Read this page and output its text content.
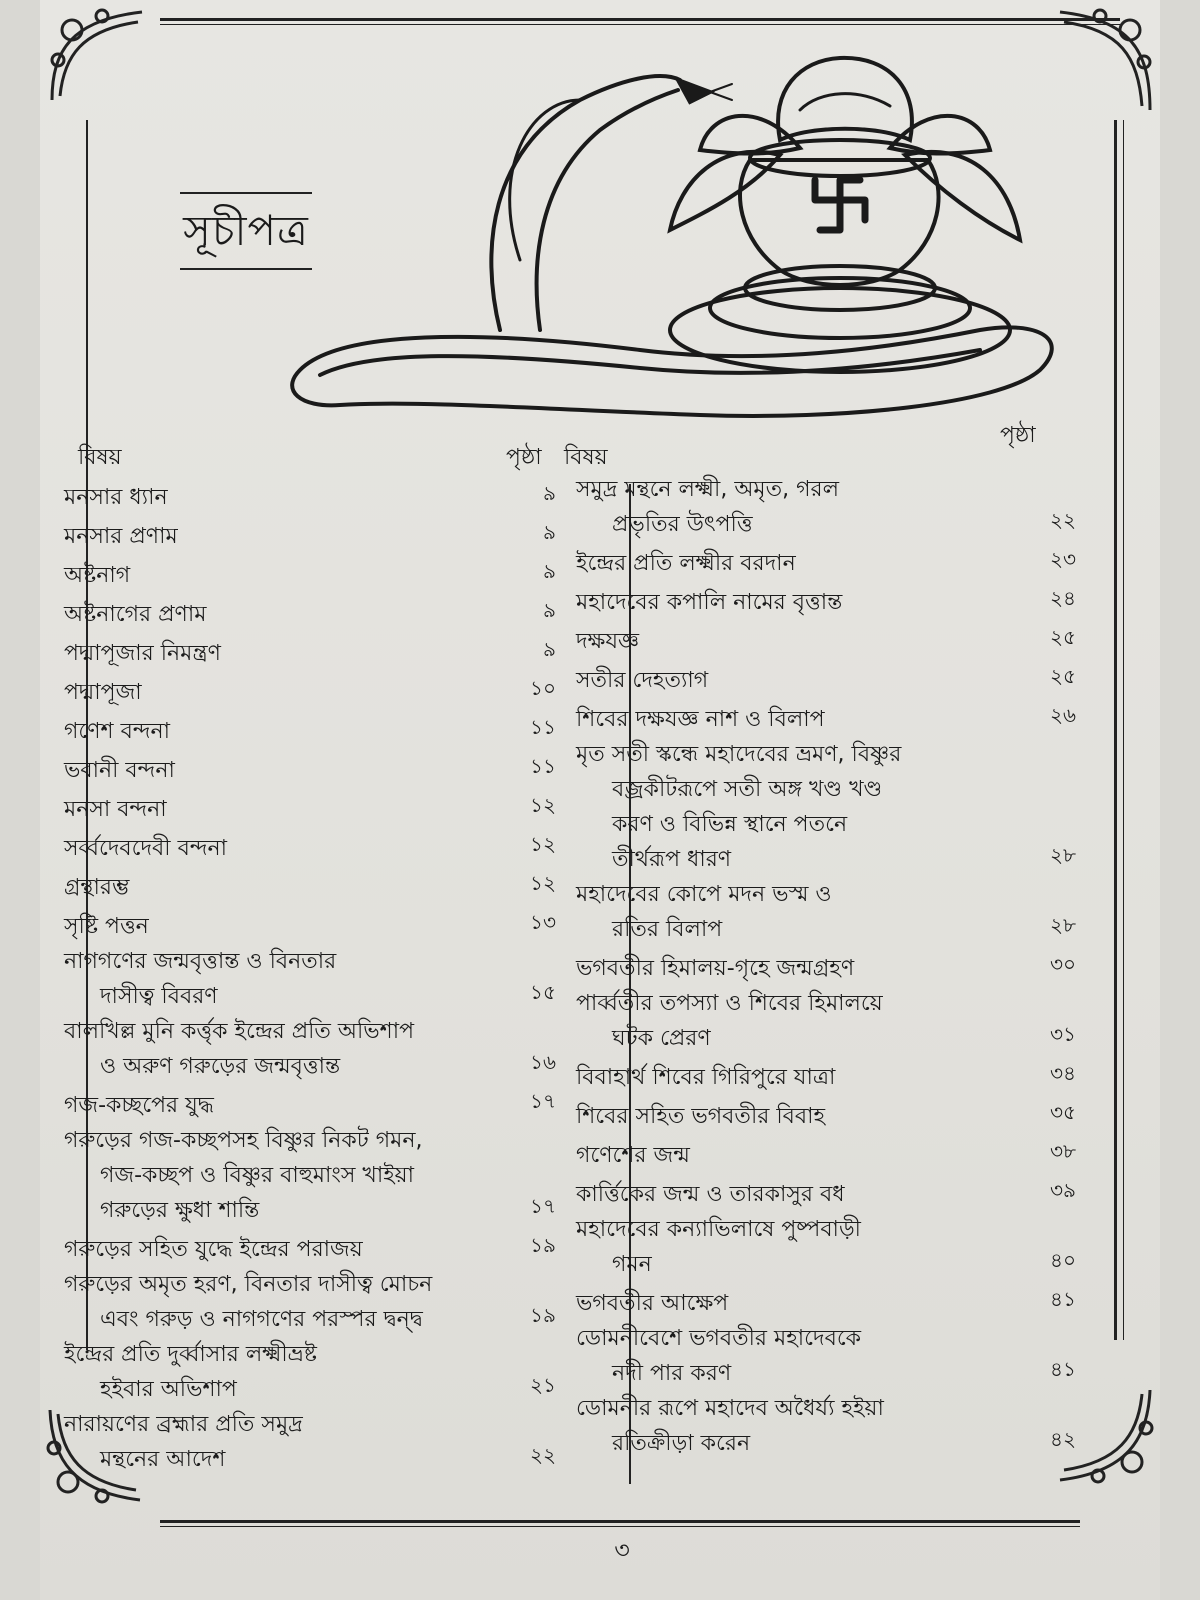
সূচীপত্র
বিষয়	পৃষ্ঠা বিষয়
পৃষ্ঠা
মনসার ধ্যান	৯
মনসার প্রণাম	৯
অষ্টনাগ	৯
অষ্টনাগের প্রণাম	৯
পদ্মাপূজার নিমন্ত্রণ	৯
পদ্মাপূজা	১০
গণেশ বন্দনা	১১
ভবানী বন্দনা	১১
মনসা বন্দনা	১২
সর্ব্বদেবদেবী বন্দনা	১২
গ্রন্থারম্ভ	১২
সৃষ্টি পত্তন	১৩
নাগগণের জন্মবৃত্তান্ত ও বিনতার
দাসীত্ব বিবরণ	১৫
বালখিল্ল মুনি কর্ত্তৃক ইন্দ্রের প্রতি অভিশাপ
ও অরুণ গরুড়ের জন্মবৃত্তান্ত	১৬
গজ-কচ্ছপের যুদ্ধ	১৭
গরুড়ের গজ-কচ্ছপসহ বিষ্ণুর নিকট গমন,
গজ-কচ্ছপ ও বিষ্ণুর বাহুমাংস খাইয়া
গরুড়ের ক্ষুধা শান্তি	১৭
গরুড়ের সহিত যুদ্ধে ইন্দ্রের পরাজয়	১৯
গরুড়ের অমৃত হরণ, বিনতার দাসীত্ব মোচন
এবং গরুড় ও নাগগণের পরস্পর দ্বন্দ্ব	১৯
ইন্দ্রের প্রতি দুর্ব্বাসার লক্ষ্মীভ্রষ্ট
হইবার অভিশাপ	২১
নারায়ণের ব্রহ্মার প্রতি সমুদ্র
মন্থনের আদেশ	২২
সমুদ্র মন্থনে লক্ষ্মী, অমৃত, গরল
প্রভৃতির উৎপত্তি	২২
ইন্দ্রের প্রতি লক্ষ্মীর বরদান	২৩
মহাদেবের কপালি নামের বৃত্তান্ত	২৪
দক্ষযজ্ঞ	২৫
সতীর দেহত্যাগ	২৫
শিবের দক্ষযজ্ঞ নাশ ও বিলাপ	২৬
মৃত সতী স্কন্ধে মহাদেবের ভ্রমণ, বিষ্ণুর
বজ্রকীটরূপে সতী অঙ্গ খণ্ড খণ্ড
করণ ও বিভিন্ন স্থানে পতনে
তীর্থরূপ ধারণ	২৮
মহাদেবের কোপে মদন ভস্ম ও
রতির বিলাপ	২৮
ভগবতীর হিমালয়-গৃহে জন্মগ্রহণ	৩০
পার্ব্বতীর তপস্যা ও শিবের হিমালয়ে
ঘটক প্রেরণ	৩১
বিবাহার্থ শিবের গিরিপুরে যাত্রা	৩৪
শিবের সহিত ভগবতীর বিবাহ	৩৫
গণেশের জন্ম	৩৮
কার্ত্তিকের জন্ম ও তারকাসুর বধ	৩৯
মহাদেবের কন্যাভিলাষে পুষ্পবাড়ী
গমন	৪০
ভগবতীর আক্ষেপ	৪১
ডোমনীবেশে ভগবতীর মহাদেবকে
নদী পার করণ	৪১
ডোমনীর রূপে মহাদেব অধৈর্য্য হইয়া
রতিক্রীড়া করেন	৪২
৩
